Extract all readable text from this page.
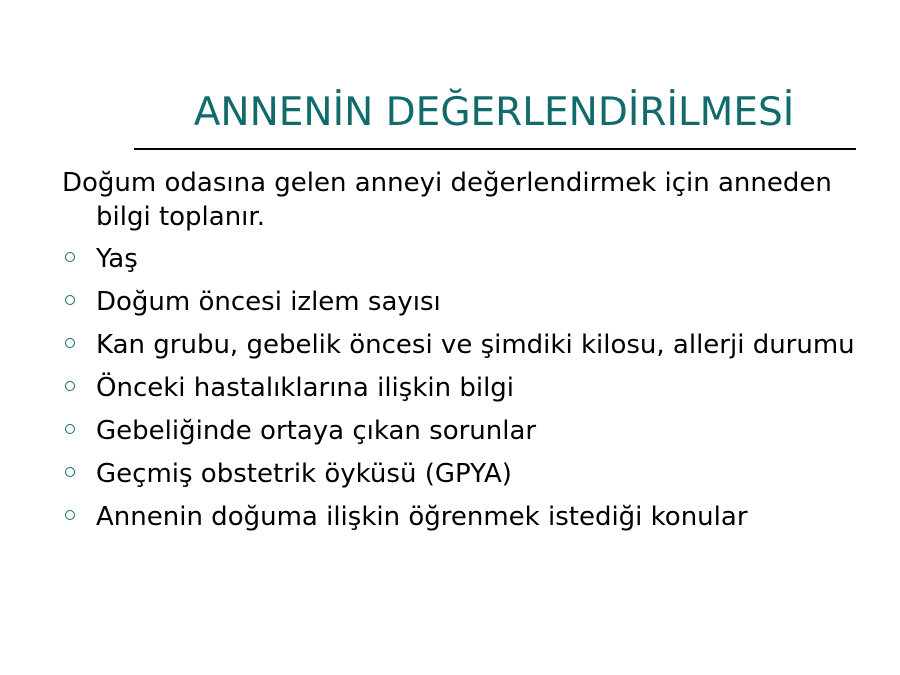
ANNENİN DEĞERLENDİRİLMESİ

Doğum odasına gelen anneyi değerlendirmek için anneden bilgi toplanır.

Yaş
Doğum öncesi izlem sayısı
Kan grubu, gebelik öncesi ve şimdiki kilosu, allerji durumu
Önceki hastalıklarına ilişkin bilgi
Gebeliğinde ortaya çıkan sorunlar
Geçmiş obstetrik öyküsü (GPYA)
Annenin doğuma ilişkin öğrenmek istediği konular
